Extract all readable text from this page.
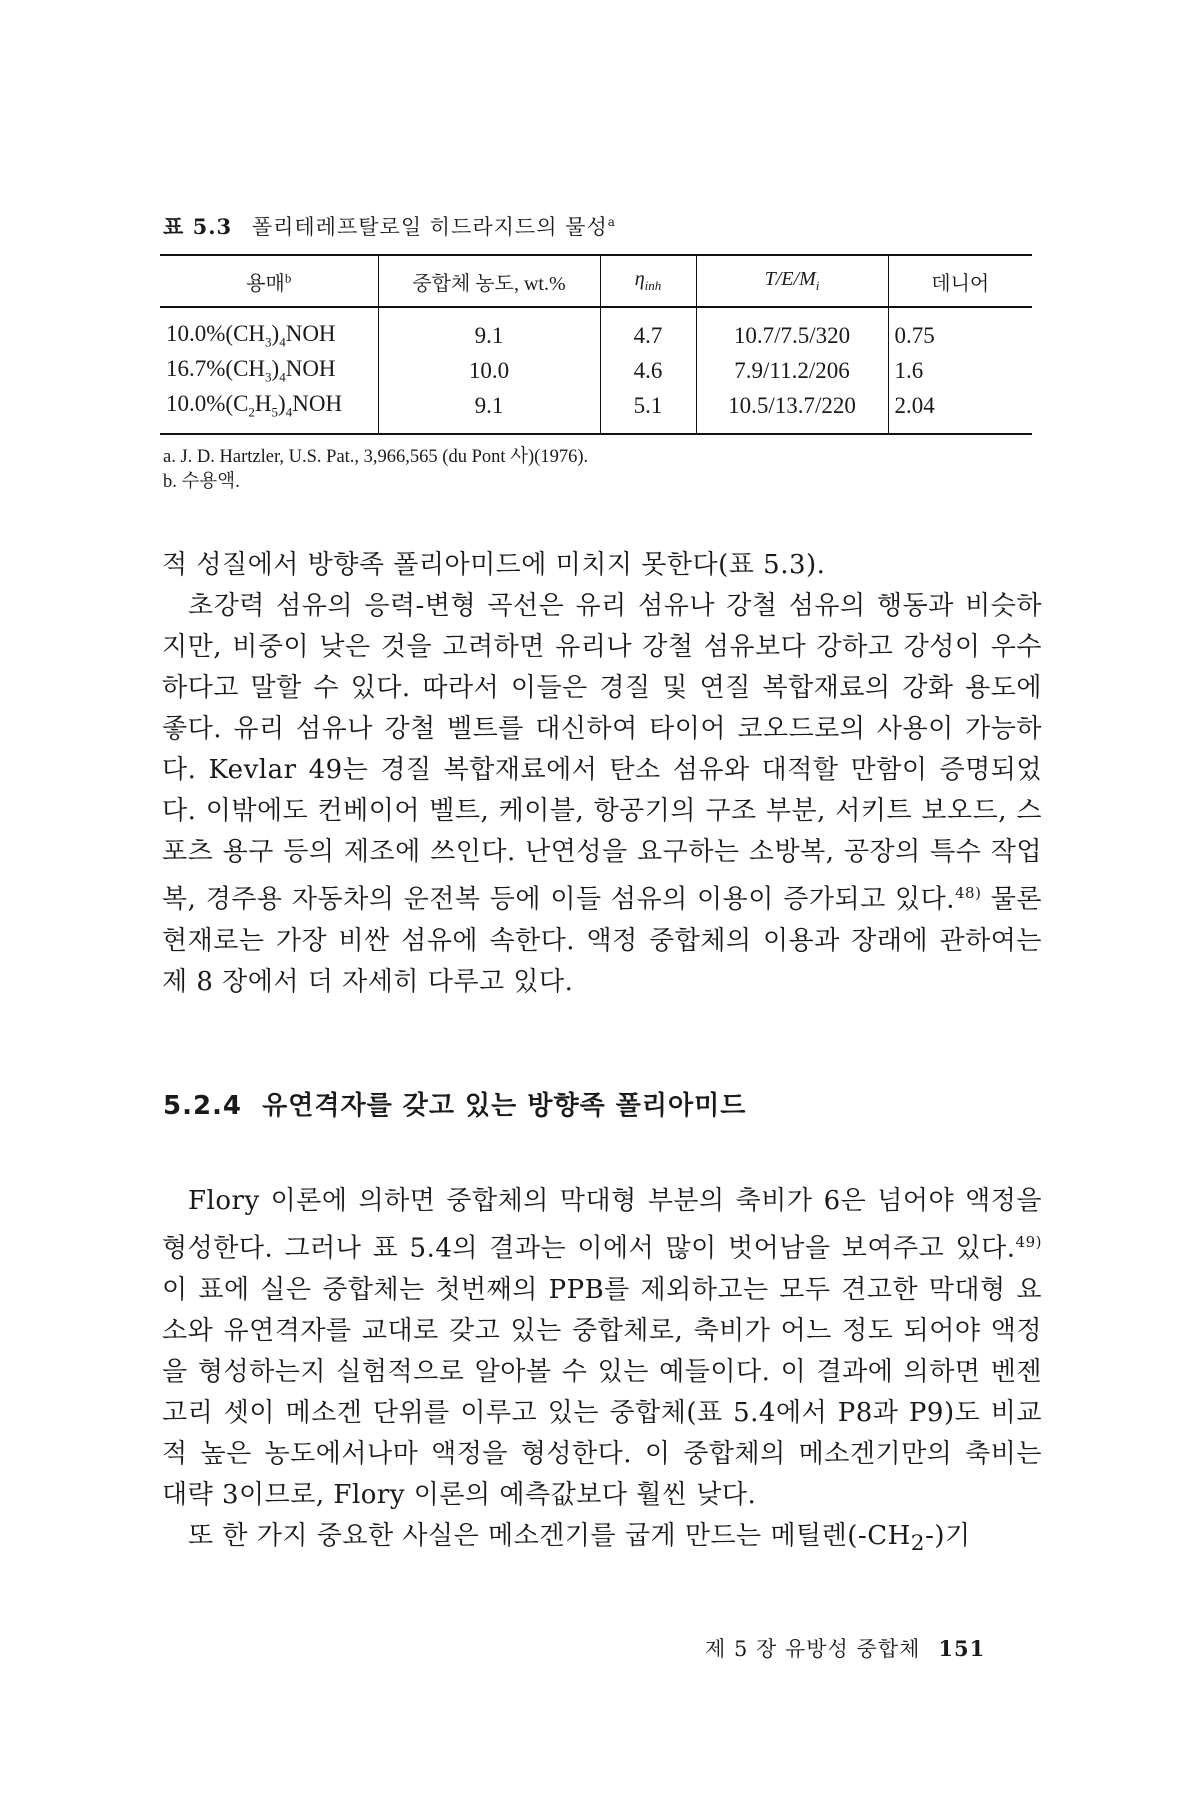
표 5.3 폴리테레프탈로일 히드라지드의 물성$^a$
용매$^b$	중합체 농도, wt.%	$\eta_{inh}$	$T/E/M_i$	데니어
$10.0\%(CH_3)_4NOH$	9.1	4.7	10.7/7.5/320	0.75
$16.7\%(CH_3)_4NOH$	10.0	4.6	7.9/11.2/206	1.6
$10.0\%(C_2H_5)_4NOH$	9.1	5.1	10.5/13.7/220	2.04
a. J. D. Hartzler, U.S. Pat., 3,966,565 (du Pont 사)(1976).
b. 수용액.

적 성질에서 방향족 폴리아미드에 미치지 못한다(표 5.3).

초강력 섬유의 응력-변형 곡선은 유리 섬유나 강철 섬유의 행동과 비슷하지만, 비중이 낮은 것을 고려하면 유리나 강철 섬유보다 강하고 강성이 우수하다고 말할 수 있다. 따라서 이들은 경질 및 연질 복합재료의 강화 용도에 좋다. 유리 섬유나 강철 벨트를 대신하여 타이어 코오드로의 사용이 가능하다. Kevlar 49는 경질 복합재료에서 탄소 섬유와 대적할 만함이 증명되었다. 이밖에도 컨베이어 벨트, 케이블, 항공기의 구조 부분, 서키트 보오드, 스포츠 용구 등의 제조에 쓰인다. 난연성을 요구하는 소방복, 공장의 특수 작업복, 경주용 자동차의 운전복 등에 이들 섬유의 이용이 증가되고 있다.$^{48)}$ 물론 현재로는 가장 비싼 섬유에 속한다. 액정 중합체의 이용과 장래에 관하여는 제 8 장에서 더 자세히 다루고 있다.

5.2.4 유연격자를 갖고 있는 방향족 폴리아미드

Flory 이론에 의하면 중합체의 막대형 부분의 축비가 6은 넘어야 액정을 형성한다. 그러나 표 5.4의 결과는 이에서 많이 벗어남을 보여주고 있다.$^{49)}$ 이 표에 실은 중합체는 첫번째의 PPB를 제외하고는 모두 견고한 막대형 요소와 유연격자를 교대로 갖고 있는 중합체로, 축비가 어느 정도 되어야 액정을 형성하는지 실험적으로 알아볼 수 있는 예들이다. 이 결과에 의하면 벤젠 고리 셋이 메소겐 단위를 이루고 있는 중합체(표 5.4에서 P8과 P9)도 비교적 높은 농도에서나마 액정을 형성한다. 이 중합체의 메소겐기만의 축비는 대략 3이므로, Flory 이론의 예측값보다 훨씬 낮다.

또 한 가지 중요한 사실은 메소겐기를 굽게 만드는 메틸렌$(-CH_2-)$기

제 5 장 유방성 중합체 151
